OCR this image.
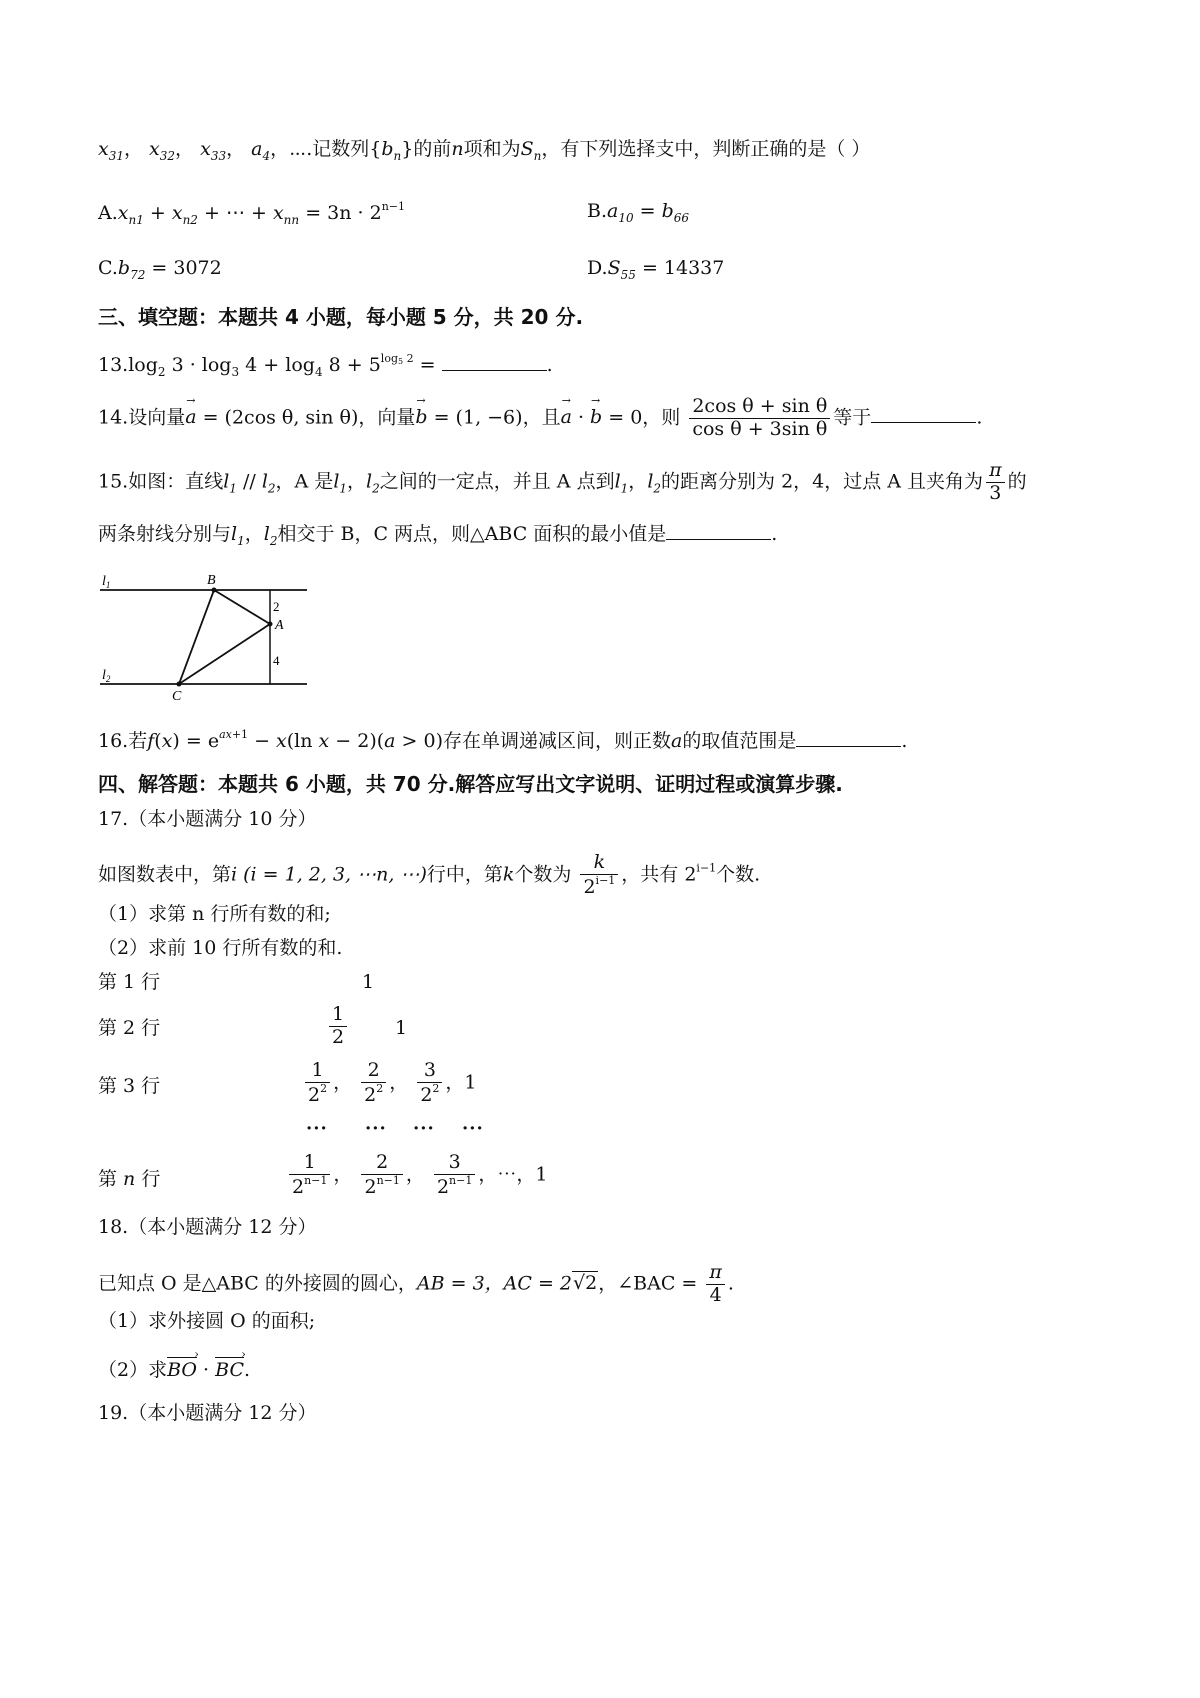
$x_{31}$， $x_{32}$， $x_{33}$， $a_4$，⋯.记数列$\{b_n\}$的前n项和为$S_n$，有下列选择支中，判断正确的是（ ）
$A.x_{n1} + x_{n2}$ + ⋯ + $x_{nn} = 3n \cdot 2^{n-1}$	$B.a_{10} = b_{66}$
$C.b_{72} = 3072$	$D.S_{55} = 14337$
三、填空题：本题共 4 小题，每小题 5 分，共 20 分.
$13.\log_2$ $3 \cdot \log_3 4 + \log_4 8 + 5^{log_5 2}$ =	.
14.设向量→ a = (2cos θ, sin θ)，向量→ b = (1, −6)，且→ a · → b = 0，则 $\frac{\text{2cos θ + sin θ}}{\text{cos θ + 3sin θ}}$ 等于	.
15.如图：直线$l_1 // l_2$，A 是$l_1$，$l_2$之间的一定点，并且 A 点到$l_1$，$l_2$的距离分别为 2，4，过点 A 且夹角为 $\frac{\pi}{3}$ 的
两条射线分别与$l_1$，$l_2$相交于 B，C 两点，则△ABC 面积的最小值是	.
$l_1$
$l_2$
B
A
C
2
4
16.若$f(x) = e^{ax+1} - x(\ln$ x − 2)(a > 0)存在单调递减区间，则正数a的取值范围是	.
四、解答题：本题共 6 小题，共 70 分.解答应写出文字说明、证明过程或演算步骤.
17.（本小题满分 10 分）
如图数表中，第i (i = 1, 2, 3, ⋯n, ⋯)行中，第k个数为 $\frac{k}{2^{i-1}}$ ，共有 $2^{i-1}$个数.
（1）求第 n 行所有数的和;
（2）求前 10 行所有数的和.
第 1 行	1
第 2 行	$\frac{1}{2}$	1
第 3 行	$\frac{1}{2^2}$ ， $\frac{2}{2^2}$ ， $\frac{3}{2^2}$ ，1
··· ··· ··· ···
第 n 行	$\frac{1}{2^{n-1}}$ ， $\frac{2}{2^{n-1}}$ ， $\frac{3}{2^{n-1}}$ ，⋯，1
18.（本小题满分 12 分）
已知点 O 是△ABC 的外接圆的圆心，AB = 3，AC = 2√2，∠BAC = $\frac{\pi}{4}$ .
（1）求外接圆 O 的面积;
（2）求BO › · BC ›.
19.（本小题满分 12 分）
